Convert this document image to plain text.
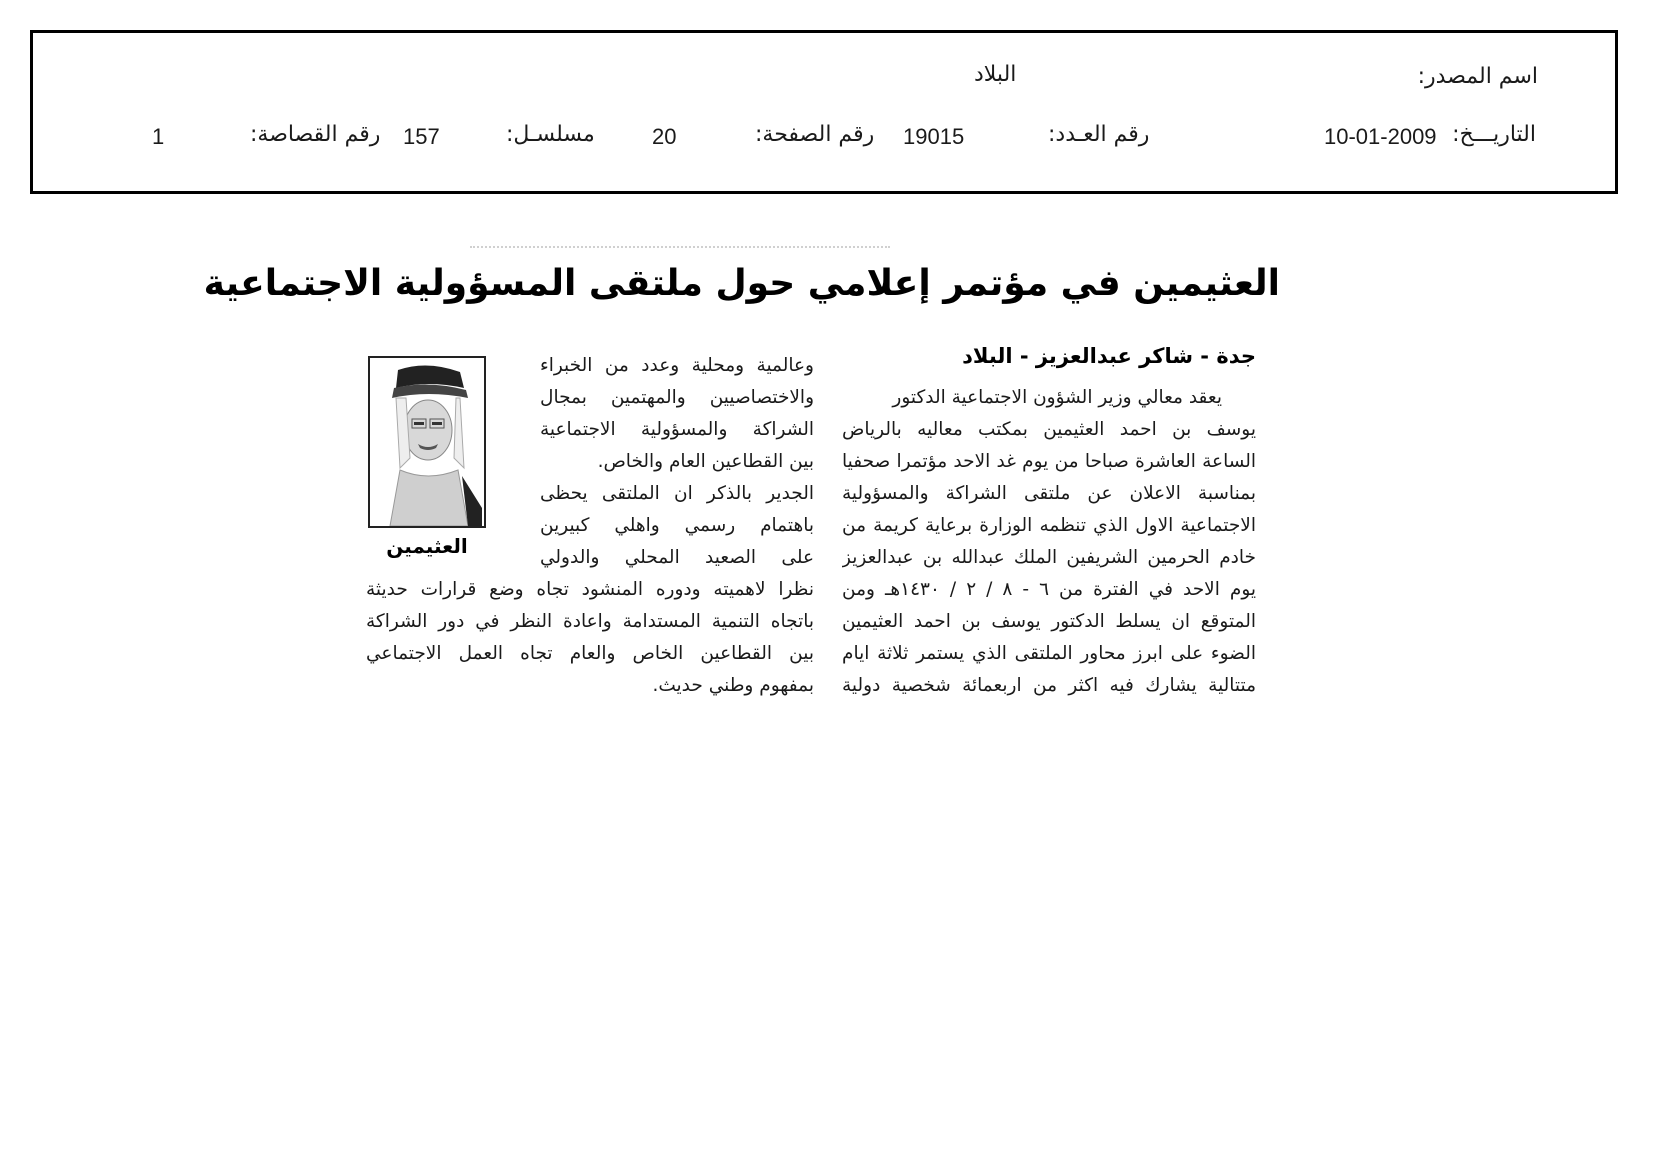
اسم المصدر:
البلاد
التاريـــخ:
10-01-2009
رقم العـدد:
19015
رقم الصفحة:
20
مسلسـل:
157
رقم القصاصة:
1
العثيمين في مؤتمر إعلامي حول ملتقى المسؤولية الاجتماعية
جدة - شاكر عبدالعزيز - البلاد
يعقد معالي وزير الشؤون الاجتماعية الدكتور
يوسف بن احمد العثيمين بمكتب معاليه بالرياض
الساعة العاشرة صباحا من يوم غد الاحد مؤتمرا صحفيا
بمناسبة الاعلان عن ملتقى الشراكة والمسؤولية
الاجتماعية الاول الذي تنظمه الوزارة برعاية كريمة من
خادم الحرمين الشريفين الملك عبدالله بن عبدالعزيز
يوم الاحد في الفترة من ٦ - ٨ / ٢ / ١٤٣٠هـ ومن
المتوقع ان يسلط الدكتور يوسف بن احمد العثيمين
الضوء على ابرز محاور الملتقى الذي يستمر ثلاثة ايام
متتالية يشارك فيه اكثر من اربعمائة شخصية دولية
وعالمية ومحلية وعدد من الخبراء
والاختصاصيين والمهتمين بمجال
الشراكة والمسؤولية الاجتماعية
بين القطاعين العام والخاص.
الجدير بالذكر ان الملتقى يحظى
باهتمام رسمي واهلي كبيرين
على الصعيد المحلي والدولي
نظرا لاهميته ودوره المنشود تجاه وضع قرارات حديثة
باتجاه التنمية المستدامة واعادة النظر في دور الشراكة
بين القطاعين الخاص والعام تجاه العمل الاجتماعي
بمفهوم وطني حديث.
العثيمين
